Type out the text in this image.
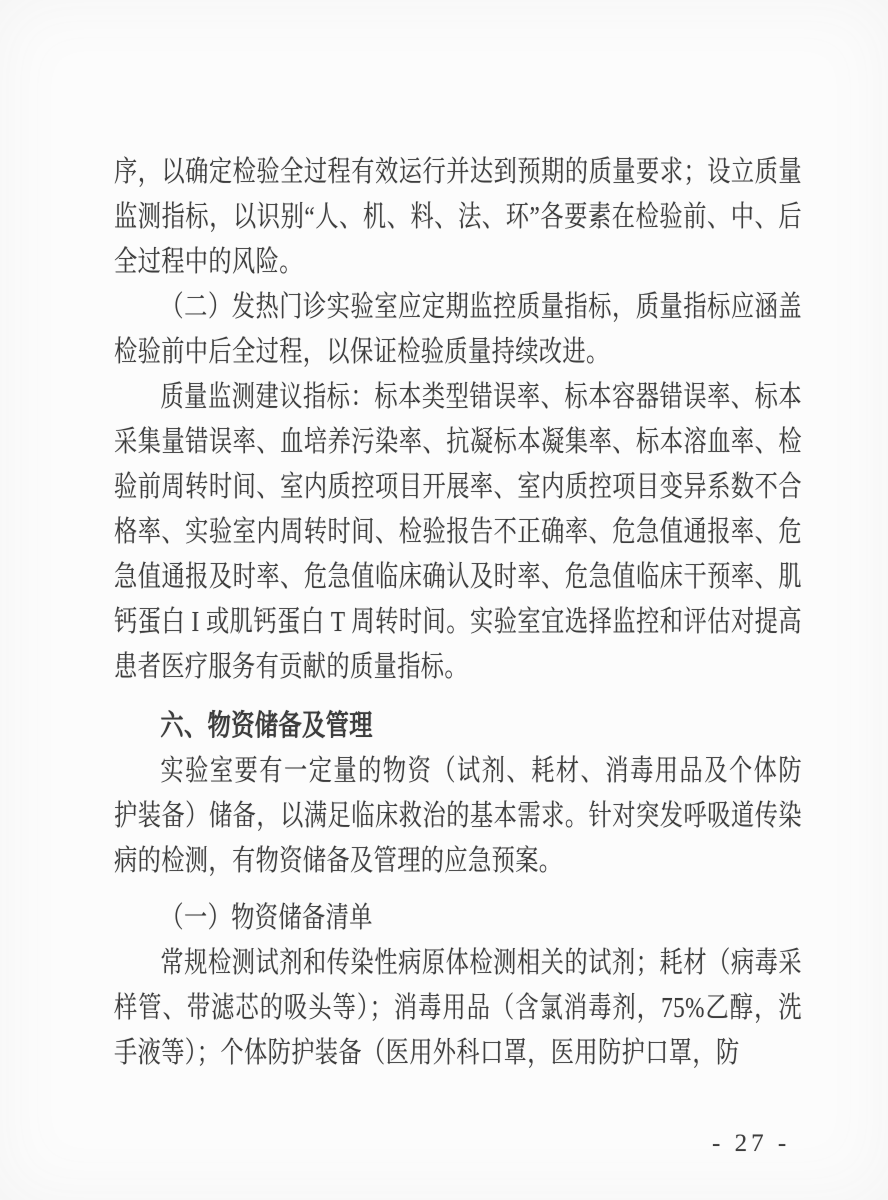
序，以确定检验全过程有效运行并达到预期的质量要求；设立质量监测指标，以识别“人、机、料、法、环”各要素在检验前、中、后全过程中的风险。

（二）发热门诊实验室应定期监控质量指标，质量指标应涵盖检验前中后全过程，以保证检验质量持续改进。

质量监测建议指标：标本类型错误率、标本容器错误率、标本采集量错误率、血培养污染率、抗凝标本凝集率、标本溶血率、检验前周转时间、室内质控项目开展率、室内质控项目变异系数不合格率、实验室内周转时间、检验报告不正确率、危急值通报率、危急值通报及时率、危急值临床确认及时率、危急值临床干预率、肌钙蛋白 I 或肌钙蛋白 T 周转时间。实验室宜选择监控和评估对提高患者医疗服务有贡献的质量指标。

六、物资储备及管理

实验室要有一定量的物资（试剂、耗材、消毒用品及个体防 护装备）储备，以满足临床救治的基本需求。针对突发呼吸道传染病的检测，有物资储备及管理的应急预案。

（一）物资储备清单

常规检测试剂和传染性病原体检测相关的试剂；耗材（病毒采样管、带滤芯的吸头等）；消毒用品（含氯消毒剂，75%乙醇，洗手液等）；个体防护装备（医用外科口罩，医用防护口罩，防

- 27 -
